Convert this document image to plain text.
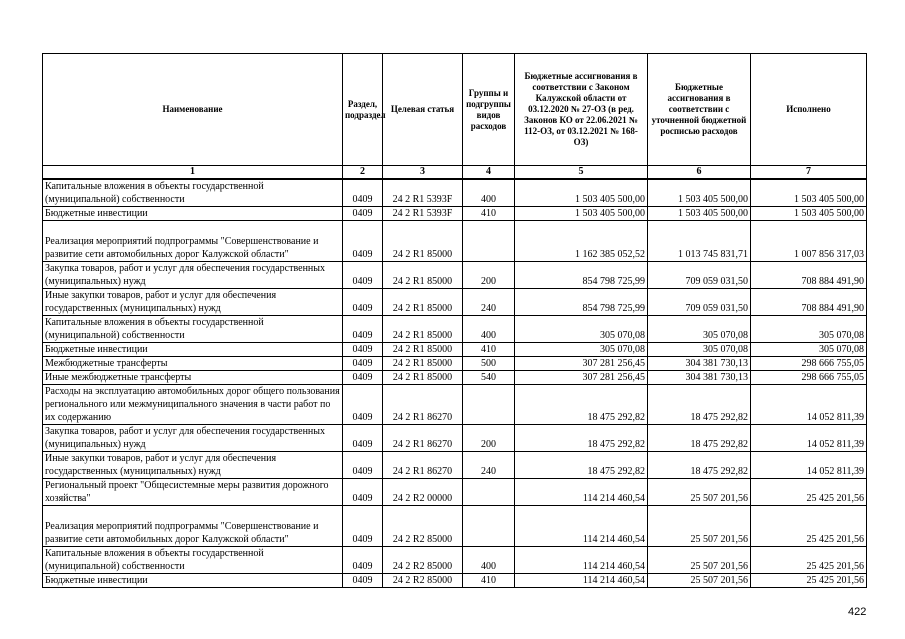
Наименование	Раздел, подраздел	Целевая статья	Группы и подгруппы видов расходов	Бюджетные ассигнования в соответствии с Законом Калужской области от 03.12.2020 № 27-ОЗ (в ред. Законов КО от 22.06.2021 № 112-ОЗ, от 03.12.2021 № 168-ОЗ)	Бюджетные ассигнования в соответствии с уточненной бюджетной росписью расходов	Исполнено
1	2	3	4	5	6	7
Капитальные вложения в объекты государственной (муниципальной) собственности	0409	24 2 R1 5393F	400	1 503 405 500,00	1 503 405 500,00	1 503 405 500,00
Бюджетные инвестиции	0409	24 2 R1 5393F	410	1 503 405 500,00	1 503 405 500,00	1 503 405 500,00
Реализация мероприятий подпрограммы "Совершенствование и развитие сети автомобильных дорог Калужской области"	0409	24 2 R1 85000		1 162 385 052,52	1 013 745 831,71	1 007 856 317,03
Закупка товаров, работ и услуг для обеспечения государственных (муниципальных) нужд	0409	24 2 R1 85000	200	854 798 725,99	709 059 031,50	708 884 491,90
Иные закупки товаров, работ и услуг для обеспечения государственных (муниципальных) нужд	0409	24 2 R1 85000	240	854 798 725,99	709 059 031,50	708 884 491,90
Капитальные вложения в объекты государственной (муниципальной) собственности	0409	24 2 R1 85000	400	305 070,08	305 070,08	305 070,08
Бюджетные инвестиции	0409	24 2 R1 85000	410	305 070,08	305 070,08	305 070,08
Межбюджетные трансферты	0409	24 2 R1 85000	500	307 281 256,45	304 381 730,13	298 666 755,05
Иные межбюджетные трансферты	0409	24 2 R1 85000	540	307 281 256,45	304 381 730,13	298 666 755,05
Расходы на эксплуатацию автомобильных дорог общего пользования регионального или межмуниципального значения в части работ по их содержанию	0409	24 2 R1 86270		18 475 292,82	18 475 292,82	14 052 811,39
Закупка товаров, работ и услуг для обеспечения государственных (муниципальных) нужд	0409	24 2 R1 86270	200	18 475 292,82	18 475 292,82	14 052 811,39
Иные закупки товаров, работ и услуг для обеспечения государственных (муниципальных) нужд	0409	24 2 R1 86270	240	18 475 292,82	18 475 292,82	14 052 811,39
Региональный проект "Общесистемные меры развития дорожного хозяйства"	0409	24 2 R2 00000		114 214 460,54	25 507 201,56	25 425 201,56
Реализация мероприятий подпрограммы "Совершенствование и развитие сети автомобильных дорог Калужской области"	0409	24 2 R2 85000		114 214 460,54	25 507 201,56	25 425 201,56
Капитальные вложения в объекты государственной (муниципальной) собственности	0409	24 2 R2 85000	400	114 214 460,54	25 507 201,56	25 425 201,56
Бюджетные инвестиции	0409	24 2 R2 85000	410	114 214 460,54	25 507 201,56	25 425 201,56
422
